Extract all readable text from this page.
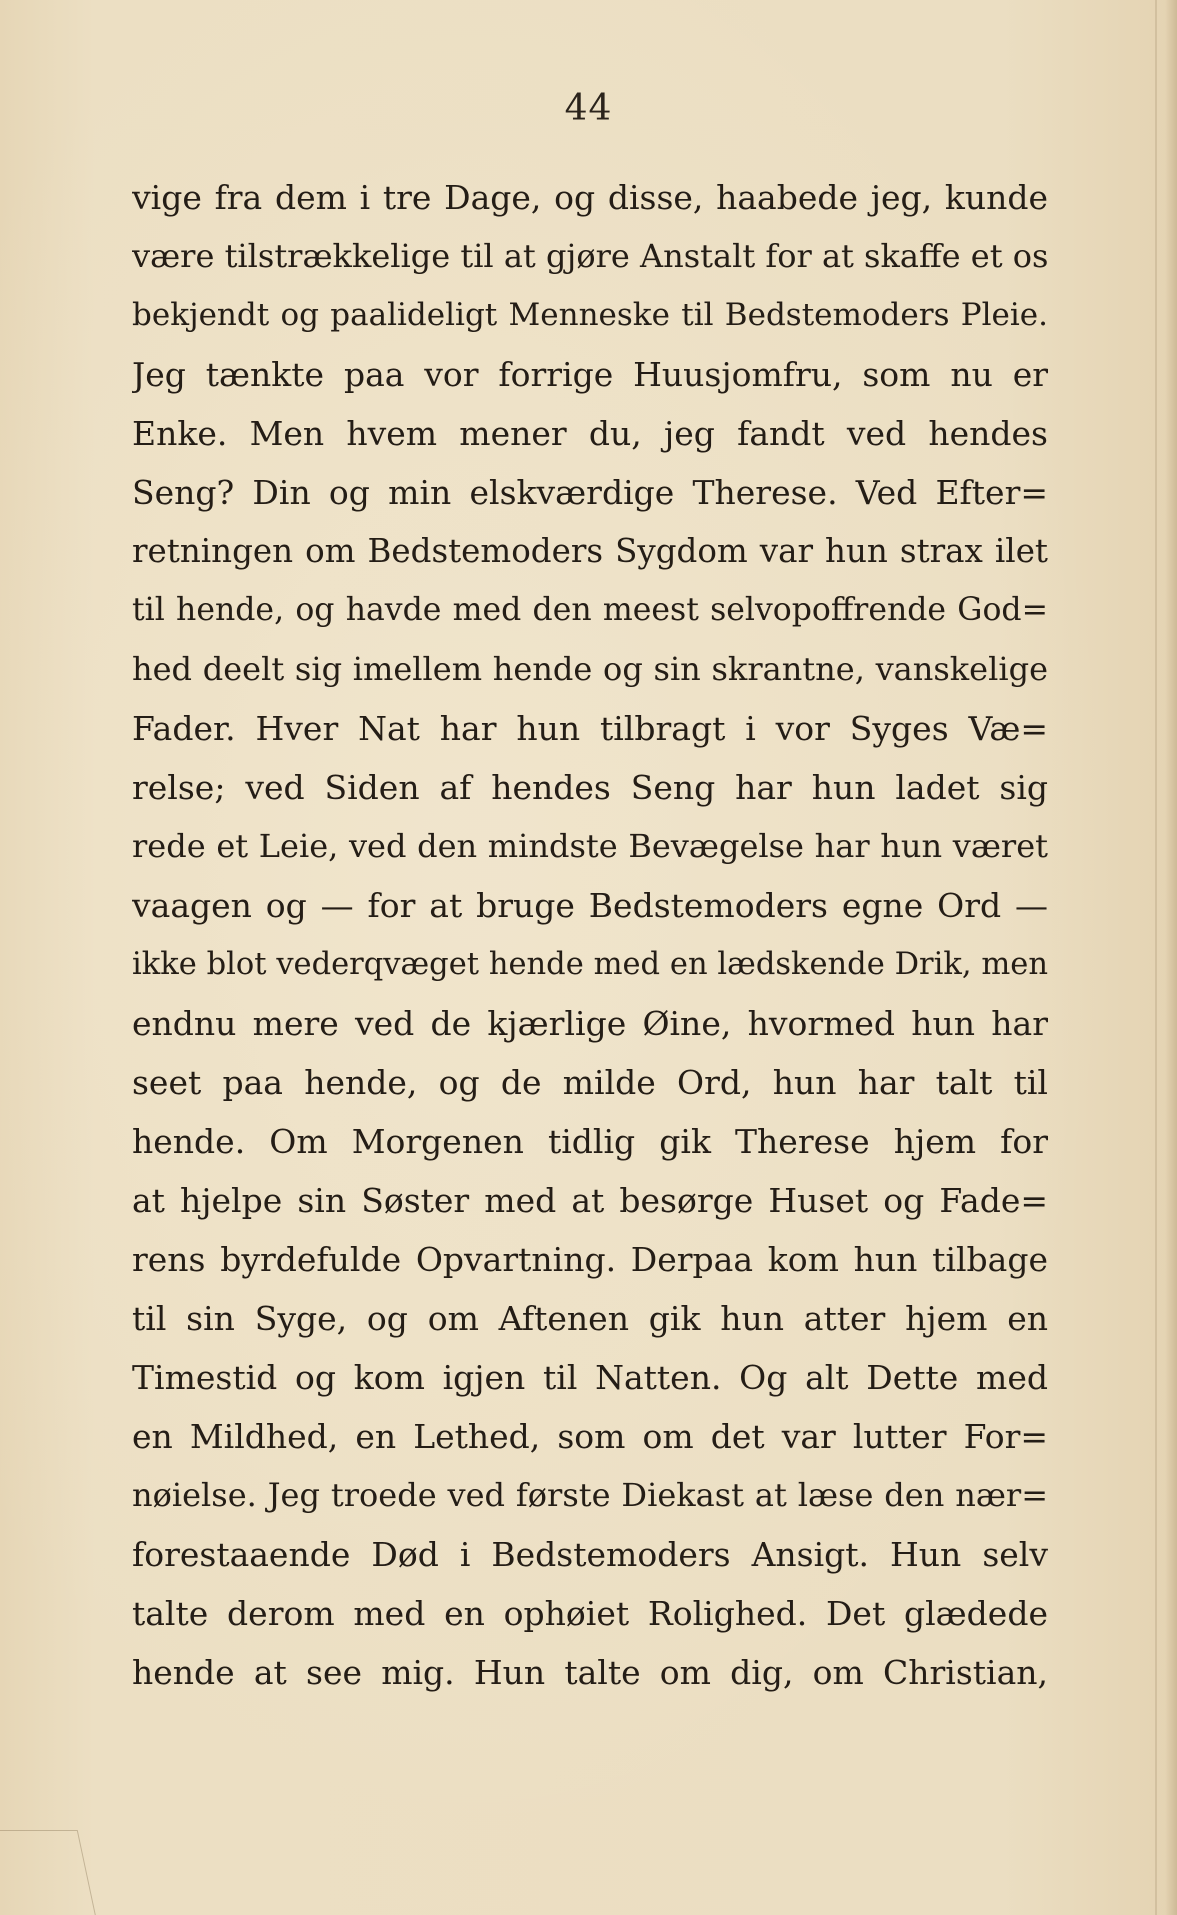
44
vige fra dem i tre Dage, og disse, haabede jeg, kunde
være tilstrækkelige til at gjøre Anstalt for at skaffe et os
bekjendt og paalideligt Menneske til Bedstemoders Pleie.
Jeg tænkte paa vor forrige Huusjomfru, som nu er
Enke. Men hvem mener du, jeg fandt ved hendes
Seng? Din og min elskværdige Therese. Ved Efter=
retningen om Bedstemoders Sygdom var hun strax ilet
til hende, og havde med den meest selvopoffrende God=
hed deelt sig imellem hende og sin skrantne, vanskelige
Fader. Hver Nat har hun tilbragt i vor Syges Væ=
relse; ved Siden af hendes Seng har hun ladet sig
rede et Leie, ved den mindste Bevægelse har hun været
vaagen og — for at bruge Bedstemoders egne Ord —
ikke blot vederqvæget hende med en lædskende Drik, men
endnu mere ved de kjærlige Øine, hvormed hun har
seet paa hende, og de milde Ord, hun har talt til
hende. Om Morgenen tidlig gik Therese hjem for
at hjelpe sin Søster med at besørge Huset og Fade=
rens byrdefulde Opvartning. Derpaa kom hun tilbage
til sin Syge, og om Aftenen gik hun atter hjem en
Timestid og kom igjen til Natten. Og alt Dette med
en Mildhed, en Lethed, som om det var lutter For=
nøielse. Jeg troede ved første Diekast at læse den nær=
forestaaende Død i Bedstemoders Ansigt. Hun selv
talte derom med en ophøiet Rolighed. Det glædede
hende at see mig. Hun talte om dig, om Christian,
